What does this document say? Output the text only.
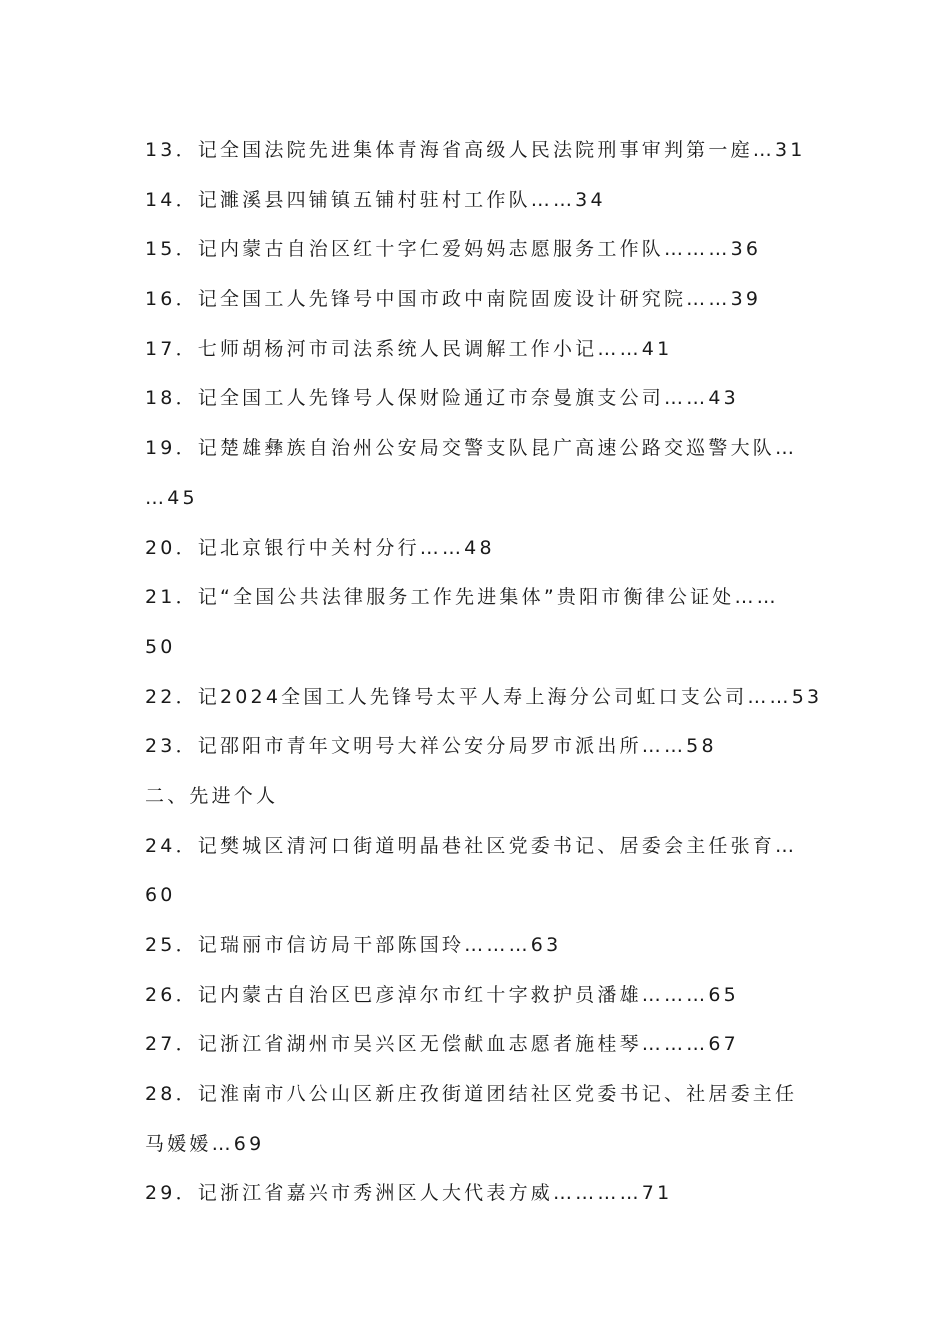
13．记全国法院先进集体青海省高级人民法院刑事审判第一庭…31
14．记濉溪县四铺镇五铺村驻村工作队……34
15．记内蒙古自治区红十字仁爱妈妈志愿服务工作队………36
16．记全国工人先锋号中国市政中南院固废设计研究院……39
17．七师胡杨河市司法系统人民调解工作小记……41
18．记全国工人先锋号人保财险通辽市奈曼旗支公司……43
19．记楚雄彝族自治州公安局交警支队昆广高速公路交巡警大队…
…45
20．记北京银行中关村分行……48
21．记“全国公共法律服务工作先进集体”贵阳市衡律公证处……
50
22．记2024全国工人先锋号太平人寿上海分公司虹口支公司……53
23．记邵阳市青年文明号大祥公安分局罗市派出所……58
二、先进个人
24．记樊城区清河口街道明晶巷社区党委书记、居委会主任张育…
60
25．记瑞丽市信访局干部陈国玲………63
26．记内蒙古自治区巴彦淖尔市红十字救护员潘雄………65
27．记浙江省湖州市吴兴区无偿献血志愿者施桂琴………67
28．记淮南市八公山区新庄孜街道团结社区党委书记、社居委主任
马媛媛…69
29．记浙江省嘉兴市秀洲区人大代表方威…………71
